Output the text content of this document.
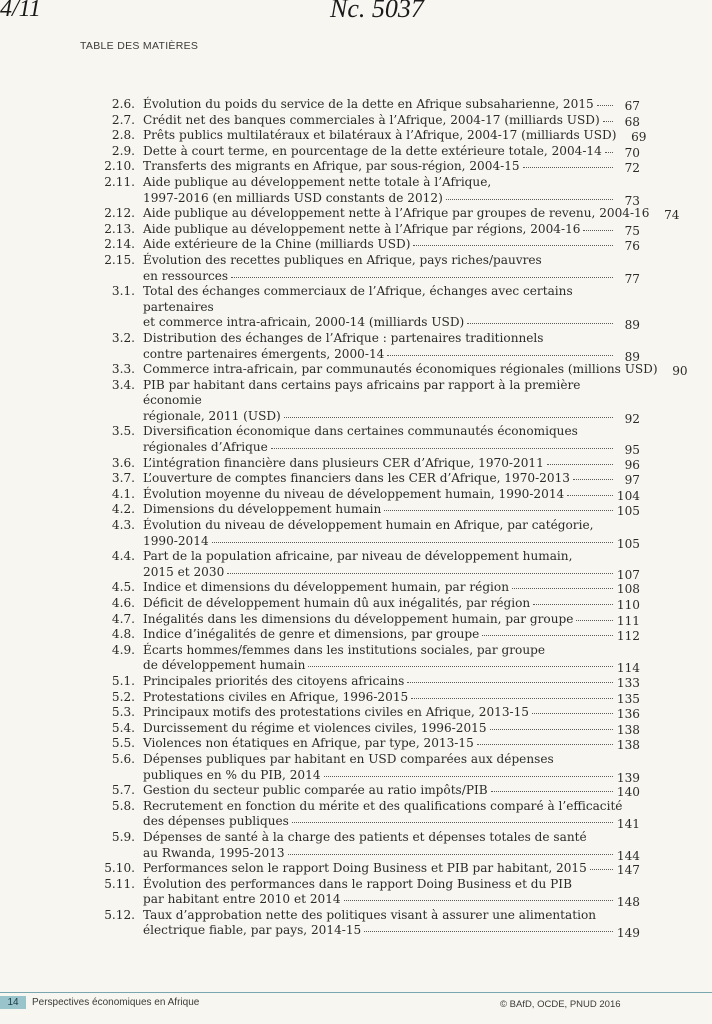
4/11	Nc. 5037
TABLE DES MATIÈRES
2.6. Évolution du poids du service de la dette en Afrique subsaharienne, 2015	67
2.7. Crédit net des banques commerciales à l’Afrique, 2004-17 (milliards USD)	68
2.8. Prêts publics multilatéraux et bilatéraux à l’Afrique, 2004-17 (milliards USD)	69
2.9. Dette à court terme, en pourcentage de la dette extérieure totale, 2004-14	70
2.10. Transferts des migrants en Afrique, par sous-région, 2004-15	72
2.11. Aide publique au développement nette totale à l’Afrique,
1997-2016 (en milliards USD constants de 2012)	73
2.12. Aide publique au développement nette à l’Afrique par groupes de revenu, 2004-16	74
2.13. Aide publique au développement nette à l’Afrique par régions, 2004-16	75
2.14. Aide extérieure de la Chine (milliards USD)	76
2.15. Évolution des recettes publiques en Afrique, pays riches/pauvres
en ressources	77
3.1. Total des échanges commerciaux de l’Afrique, échanges avec certains partenaires
et commerce intra-africain, 2000-14 (milliards USD)	89
3.2. Distribution des échanges de l’Afrique : partenaires traditionnels
contre partenaires émergents, 2000-14	89
3.3. Commerce intra-africain, par communautés économiques régionales (millions USD)	90
3.4. PIB par habitant dans certains pays africains par rapport à la première économie
régionale, 2011 (USD)	92
3.5. Diversification économique dans certaines communautés économiques
régionales d’Afrique	95
3.6. L’intégration financière dans plusieurs CER d’Afrique, 1970-2011	96
3.7. L’ouverture de comptes financiers dans les CER d’Afrique, 1970-2013	97
4.1. Évolution moyenne du niveau de développement humain, 1990-2014	104
4.2. Dimensions du développement humain	105
4.3. Évolution du niveau de développement humain en Afrique, par catégorie,
1990-2014	105
4.4. Part de la population africaine, par niveau de développement humain,
2015 et 2030	107
4.5. Indice et dimensions du développement humain, par région	108
4.6. Déficit de développement humain dû aux inégalités, par région	110
4.7. Inégalités dans les dimensions du développement humain, par groupe	111
4.8. Indice d’inégalités de genre et dimensions, par groupe	112
4.9. Écarts hommes/femmes dans les institutions sociales, par groupe
de développement humain	114
5.1. Principales priorités des citoyens africains	133
5.2. Protestations civiles en Afrique, 1996-2015	135
5.3. Principaux motifs des protestations civiles en Afrique, 2013-15	136
5.4. Durcissement du régime et violences civiles, 1996-2015	138
5.5. Violences non étatiques en Afrique, par type, 2013-15	138
5.6. Dépenses publiques par habitant en USD comparées aux dépenses
publiques en % du PIB, 2014	139
5.7. Gestion du secteur public comparée au ratio impôts/PIB	140
5.8. Recrutement en fonction du mérite et des qualifications comparé à l’efficacité
des dépenses publiques	141
5.9. Dépenses de santé à la charge des patients et dépenses totales de santé
au Rwanda, 1995-2013	144
5.10. Performances selon le rapport Doing Business et PIB par habitant, 2015 147
5.11. Évolution des performances dans le rapport Doing Business et du PIB
par habitant entre 2010 et 2014	148
5.12. Taux d’approbation nette des politiques visant à assurer une alimentation
électrique fiable, par pays, 2014-15	149
14	Perspectives économiques en Afrique	© BAfD, OCDE, PNUD 2016
